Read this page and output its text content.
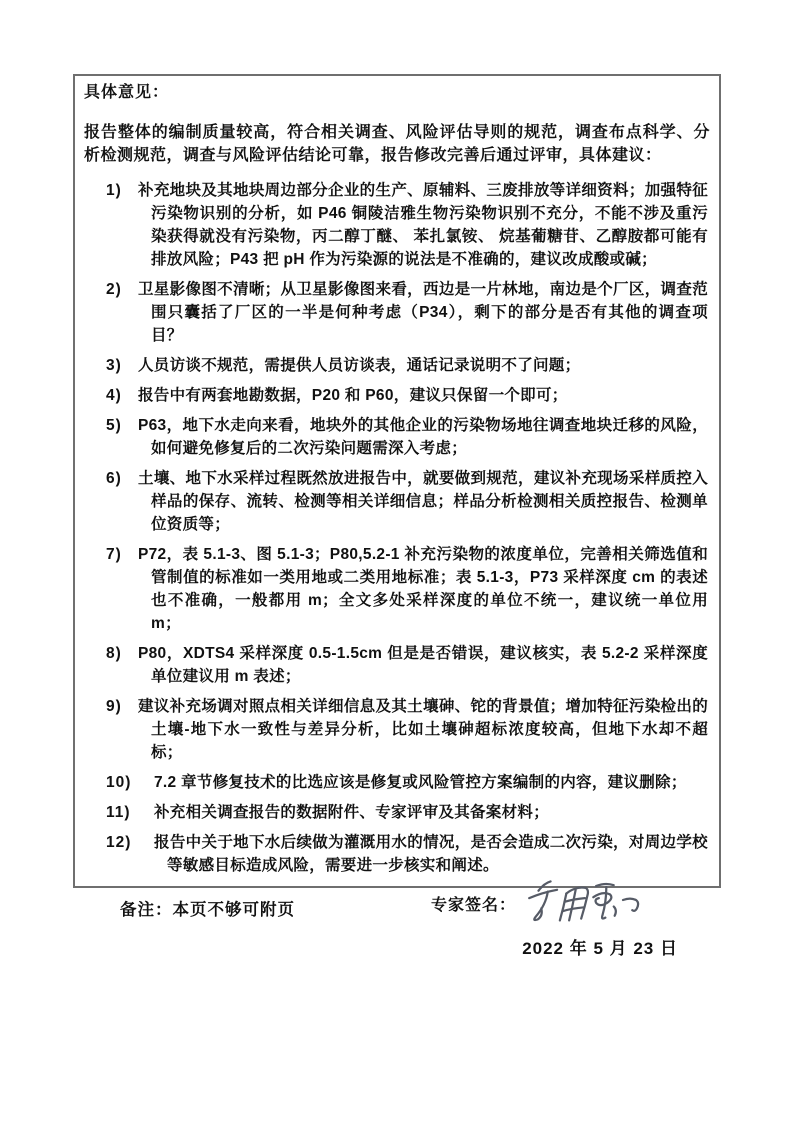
具体意见：
报告整体的编制质量较高，符合相关调查、风险评估导则的规范，调查布点科学、分析检测规范，调查与风险评估结论可靠，报告修改完善后通过评审，具体建议：
1)	补充地块及其地块周边部分企业的生产、原辅料、三废排放等详细资料；加强特征污染物识别的分析，如 P46 铜陵洁雅生物污染物识别不充分，不能不涉及重污染获得就没有污染物，丙二醇丁醚、 苯扎氯铵、 烷基葡糖苷、乙醇胺都可能有排放风险；P43 把 pH 作为污染源的说法是不准确的，建议改成酸或碱；
2)	卫星影像图不清晰；从卫星影像图来看，西边是一片林地，南边是个厂区，调查范围只囊括了厂区的一半是何种考虑（P34），剩下的部分是否有其他的调查项目？
3)	人员访谈不规范，需提供人员访谈表，通话记录说明不了问题；
4)	报告中有两套地勘数据，P20 和 P60，建议只保留一个即可；
5)	P63，地下水走向来看，地块外的其他企业的污染物场地往调查地块迁移的风险，如何避免修复后的二次污染问题需深入考虑；
6)	土壤、地下水采样过程既然放进报告中，就要做到规范，建议补充现场采样质控入样品的保存、流转、检测等相关详细信息；样品分析检测相关质控报告、检测单位资质等；
7)	P72，表 5.1-3、图 5.1-3；P80,5.2-1 补充污染物的浓度单位，完善相关筛选值和管制值的标准如一类用地或二类用地标准；表 5.1-3，P73 采样深度 cm 的表述也不准确，一般都用 m；全文多处采样深度的单位不统一，建议统一单位用 m；
8)	P80，XDTS4 采样深度 0.5-1.5cm 但是是否错误，建议核实，表 5.2-2 采样深度单位建议用 m 表述；
9)	建议补充场调对照点相关详细信息及其土壤砷、铊的背景值；增加特征污染检出的土壤-地下水一致性与差异分析，比如土壤砷超标浓度较高，但地下水却不超标；
10)	7.2 章节修复技术的比选应该是修复或风险管控方案编制的内容，建议删除；
11)	补充相关调查报告的数据附件、专家评审及其备案材料；
12)	报告中关于地下水后续做为灌溉用水的情况，是否会造成二次污染，对周边学校等敏感目标造成风险，需要进一步核实和阐述。
专家签名：
2022 年 5 月 23 日
备注：本页不够可附页
